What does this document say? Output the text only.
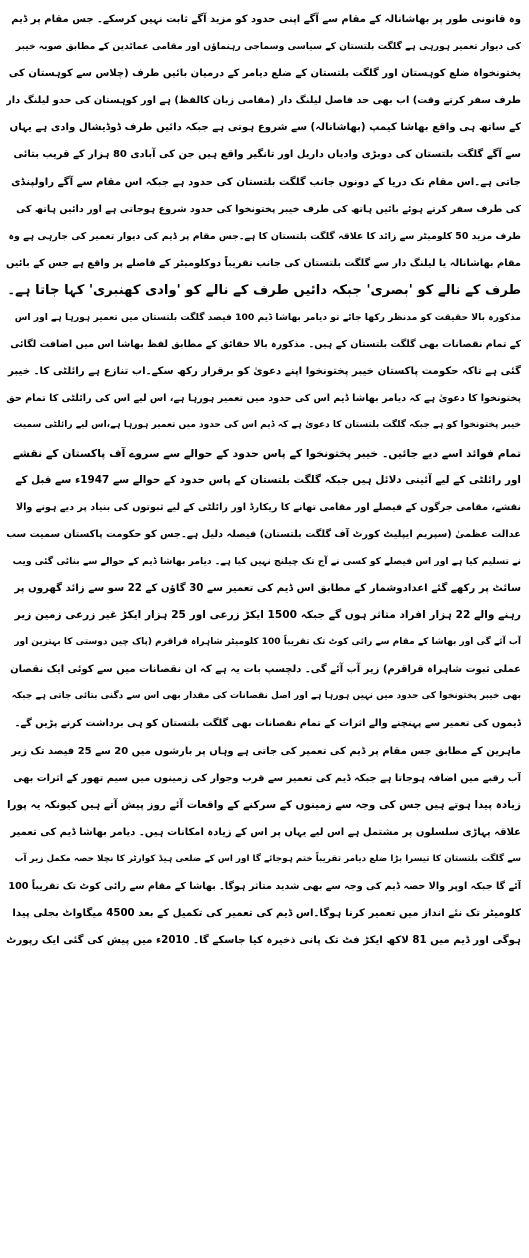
وہ قانونی طور پر بھاشانالہ کے مقام سے آگے اپنی حدود کو مزید آگے ثابت نہیں کرسکے۔ جس مقام پر ڈیم
کی دیوار تعمیر ہورہی ہے گلگت بلتستان کے سیاسی وسماجی رہنماؤں اور مقامی عمائدین کے مطابق صوبہ خیبر
پختونخواہ ضلع کوہستان اور گلگت بلتستان کے ضلع دیامر کے درمیان بائیں طرف (چلاس سے کوہستان کی
طرف سفر کرتے وقت) اب بھی حد فاصل لیلنگ دار (مقامی زبان کالفظ) ہے اور کوہستان کی حدو لیلنگ دار
کے ساتھ ہی واقع بھاشا کیمپ (بھاشانالہ) سے شروع ہوتی ہے جبکہ دائیں طرف ڈوڈیشال وادی ہے یہاں
سے آگے گلگت بلتستان کی دوبڑی وادیاں داریل اور تانگیر واقع ہیں جن کی آبادی 80 ہزار کے قریب بتائی
جاتی ہے۔اس مقام تک دریا کے دونوں جانب گلگت بلتستان کی حدود ہے جبکہ اس مقام سے آگے راولپنڈی
کی طرف سفر کرتے ہوئے بائیں ہاتھ کی طرف خیبر پختونخوا کی حدود شروع ہوجاتی ہے اور دائیں ہاتھ کی
طرف مزید 50 کلومیٹر سے زائد کا علاقہ گلگت بلتستان کا ہے۔جس مقام پر ڈیم کی دیوار تعمیر کی جارہی ہے وہ
مقام بھاشانالہ یا لیلنگ دار سے گلگت بلتستان کی جانب تقریباً دوکلومیٹر کے فاصلے پر واقع ہے جس کے بائیں
طرف کے نالے کو 'بصری' جبکہ دائیں طرف کے نالے کو 'وادی کھنبری' کہا جاتا ہے۔
مذکورہ بالا حقیقت کو مدنظر رکھا جائے تو دیامر بھاشا ڈیم 100 فیصد گلگت بلتستان میں تعمیر ہورہا ہے اور اس
کے تمام نقصانات بھی گلگت بلتستان کے ہیں۔ مذکورہ بالا حقائق کے مطابق لفظ بھاشا اس میں اضافت لگائی
گئی ہے تاکہ حکومت پاکستان خیبر پختونخوا اپنے دعویٰ کو برقرار رکھ سکے۔اب تنازع ہے رائلٹی کا۔ خیبر
پختونخوا کا دعویٰ ہے کہ دیامر بھاشا ڈیم اس کی حدود میں تعمیر ہورہا ہے، اس لیے اس کی رائلٹی کا تمام حق
خیبر پختونخوا کو ہے جبکہ گلگت بلتستان کا دعویٰ ہے کہ ڈیم اس کی حدود میں تعمیر ہورہا ہے،اس لیے رائلٹی سمیت
تمام فوائد اسے دیے جائیں۔ خیبر پختونخوا کے پاس حدود کے حوالے سے سروے آف پاکستان کے نقشے
اور رائلٹی کے لیے آئینی دلائل ہیں جبکہ گلگت بلتستان کے پاس حدود کے حوالے سے 1947ء سے قبل کے
نقشے، مقامی جرگوں کے فیصلے اور مقامی تھانے کا ریکارڈ اور رائلٹی کے لیے ثبوتوں کی بنیاد پر دیے ہونے والا
عدالت عظمیٰ (سپریم ایپلیٹ کورٹ آف گلگت بلتستان) فیصلہ دلیل ہے۔جس کو حکومت پاکستان سمیت سب
نے تسلیم کیا ہے اور اس فیصلے کو کسی نے آج تک چیلنج نہیں کیا ہے۔ دیامر بھاشا ڈیم کے حوالے سے بنائی گئی ویب
سائٹ پر رکھے گئے اعدادوشمار کے مطابق اس ڈیم کی تعمیر سے 30 گاؤں کے 22 سو سے زائد گھروں پر
رہنے والے 22 ہزار افراد متاثر ہوں گے جبکہ 1500 ایکڑ زرعی اور 25 ہزار ایکڑ غیر زرعی زمین زیر
آب آئے گی اور بھاشا کے مقام سے رائی کوٹ تک تقریباً 100 کلومیٹر شاہراہ قراقرم (پاک چین دوستی کا بہترین اور
عملی ثبوت شاہراہ قراقرم) زیر آب آئے گی۔ دلچسپ بات یہ ہے کہ ان نقصانات میں سے کوئی ایک نقصان
بھی خیبر پختونخوا کی حدود میں نہیں ہورہا ہے اور اصل نقصانات کی مقدار بھی اس سے دگنی بتائی جاتی ہے جبکہ
ڈیموں کی تعمیر سے پہنچنے والے اثرات کے تمام نقصانات بھی گلگت بلتستان کو ہی برداشت کرنے پڑیں گے۔
ماہرین کے مطابق جس مقام پر ڈیم کی تعمیر کی جاتی ہے وہاں پر بارشوں میں 20 سے 25 فیصد تک زیر
آب رقبے میں اضافہ ہوجاتا ہے جبکہ ڈیم کی تعمیر سے قرب وجوار کی زمینوں میں سیم تھور کے اثرات بھی
زیادہ پیدا ہوتے ہیں جس کی وجہ سے زمینوں کے سرکنے کے واقعات آئے روز پیش آتے ہیں کیونکہ یہ پورا
علاقہ پہاڑی سلسلوں پر مشتمل ہے اس لیے یہاں پر اس کے زیادہ امکانات ہیں۔ دیامر بھاشا ڈیم کی تعمیر
سے گلگت بلتستان کا تیسرا بڑا ضلع دیامر تقریباً ختم ہوجائے گا اور اس کے ضلعی ہیڈ کوارٹر کا نچلا حصہ مکمل زیر آب
آئے گا جبکہ اوپر والا حصہ ڈیم کی وجہ سے بھی شدید متاثر ہوگا۔ بھاشا کے مقام سے رائی کوٹ تک تقریباً 100
کلومیٹر تک نئے انداز میں تعمیر کرنا ہوگا۔اس ڈیم کی تعمیر کی تکمیل کے بعد 4500 میگاواٹ بجلی پیدا
ہوگی اور ڈیم میں 81 لاکھ ایکڑ فٹ تک پانی ذخیرہ کیا جاسکے گا۔ 2010ء میں پیش کی گئی ایک رپورٹ
